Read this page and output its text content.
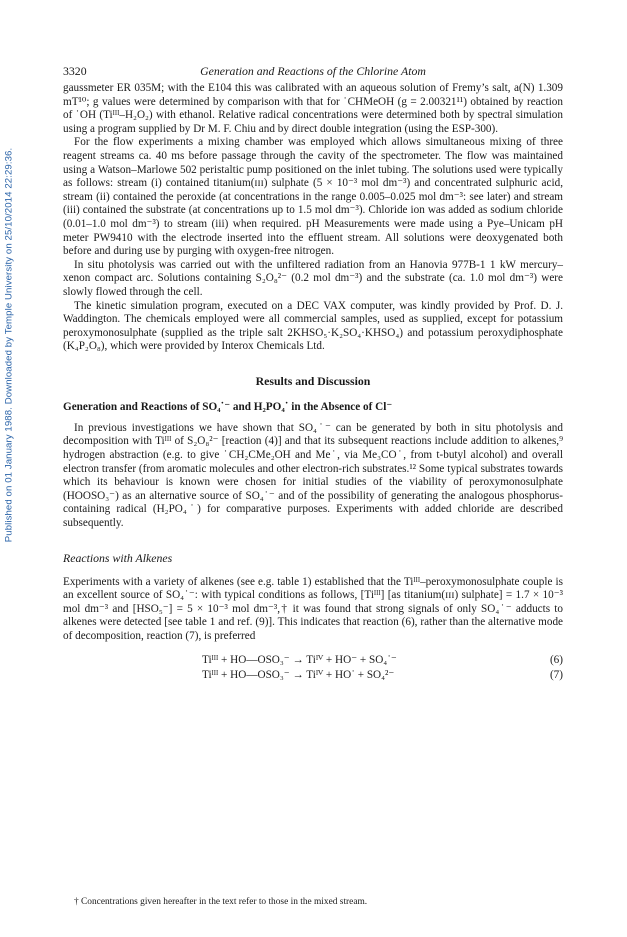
Published on 01 January 1988. Downloaded by Temple University on 25/10/2014 22:29:36.
3320	Generation and Reactions of the Chlorine Atom

gaussmeter ER 035M; with the E104 this was calibrated with an aqueous solution of Fremy’s salt, a(N) 1.309 mT¹⁰; g values were determined by comparison with that for ˙CHMeOH (g = 2.00321¹¹) obtained by reaction of ˙OH (Tiᴵᴵᴵ–H₂O₂) with ethanol. Relative radical concentrations were determined both by spectral simulation using a program supplied by Dr M. F. Chiu and by direct double integration (using the ESP-300).

For the flow experiments a mixing chamber was employed which allows simultaneous mixing of three reagent streams ca. 40 ms before passage through the cavity of the spectrometer. The flow was maintained using a Watson–Marlowe 502 peristaltic pump positioned on the inlet tubing. The solutions used were typically as follows: stream (i) contained titanium(ɪɪɪ) sulphate (5 × 10⁻³ mol dm⁻³) and concentrated sulphuric acid, stream (ii) contained the peroxide (at concentrations in the range 0.005–0.025 mol dm⁻³: see later) and stream (iii) contained the substrate (at concentrations up to 1.5 mol dm⁻³). Chloride ion was added as sodium chloride (0.01–1.0 mol dm⁻³) to stream (iii) when required. pH Measurements were made using a Pye–Unicam pH meter PW9410 with the electrode inserted into the effluent stream. All solutions were deoxygenated both before and during use by purging with oxygen-free nitrogen.

In situ photolysis was carried out with the unfiltered radiation from an Hanovia 977B-1 1 kW mercury–xenon compact arc. Solutions containing S₂O₈²⁻ (0.2 mol dm⁻³) and the substrate (ca. 1.0 mol dm⁻³) were slowly flowed through the cell.

The kinetic simulation program, executed on a DEC VAX computer, was kindly provided by Prof. D. J. Waddington. The chemicals employed were all commercial samples, used as supplied, except for potassium peroxymonosulphate (supplied as the triple salt 2KHSO₅·K₂SO₄·KHSO₄) and potassium peroxydiphosphate (K₄P₂O₈), which were provided by Interox Chemicals Ltd.

Results and Discussion
Generation and Reactions of SO₄˙⁻ and H₂PO₄˙ in the Absence of Cl⁻

In previous investigations we have shown that SO₄˙⁻ can be generated by both in situ photolysis and decomposition with Tiᴵᴵᴵ of S₂O₈²⁻ [reaction (4)] and that its subsequent reactions include addition to alkenes,⁹ hydrogen abstraction (e.g. to give ˙CH₂CMe₂OH and Me˙, via Me₃CO˙, from t-butyl alcohol) and overall electron transfer (from aromatic molecules and other electron-rich substrates.¹² Some typical substrates towards which its behaviour is known were chosen for initial studies of the viability of peroxymonosulphate (HOOSO₃⁻) as an alternative source of SO₄˙⁻ and of the possibility of generating the analogous phosphorus-containing radical (H₂PO₄˙) for comparative purposes. Experiments with added chloride are described subsequently.

Reactions with Alkenes

Experiments with a variety of alkenes (see e.g. table 1) established that the Tiᴵᴵᴵ–peroxymonosulphate couple is an excellent source of SO₄˙⁻: with typical conditions as follows, [Tiᴵᴵᴵ] [as titanium(ɪɪɪ) sulphate] = 1.7 × 10⁻³ mol dm⁻³ and [HSO₅⁻] = 5 × 10⁻³ mol dm⁻³,† it was found that strong signals of only SO₄˙⁻ adducts to alkenes were detected [see table 1 and ref. (9)]. This indicates that reaction (6), rather than the alternative mode of decomposition, reaction (7), is preferred

Tiᴵᴵᴵ + HO—OSO₃⁻ → Tiᴵⱽ + HO⁻ + SO₄˙⁻	(6)
Tiᴵᴵᴵ + HO—OSO₃⁻ → Tiᴵⱽ + HO˙ + SO₄²⁻	(7)
† Concentrations given hereafter in the text refer to those in the mixed stream.
